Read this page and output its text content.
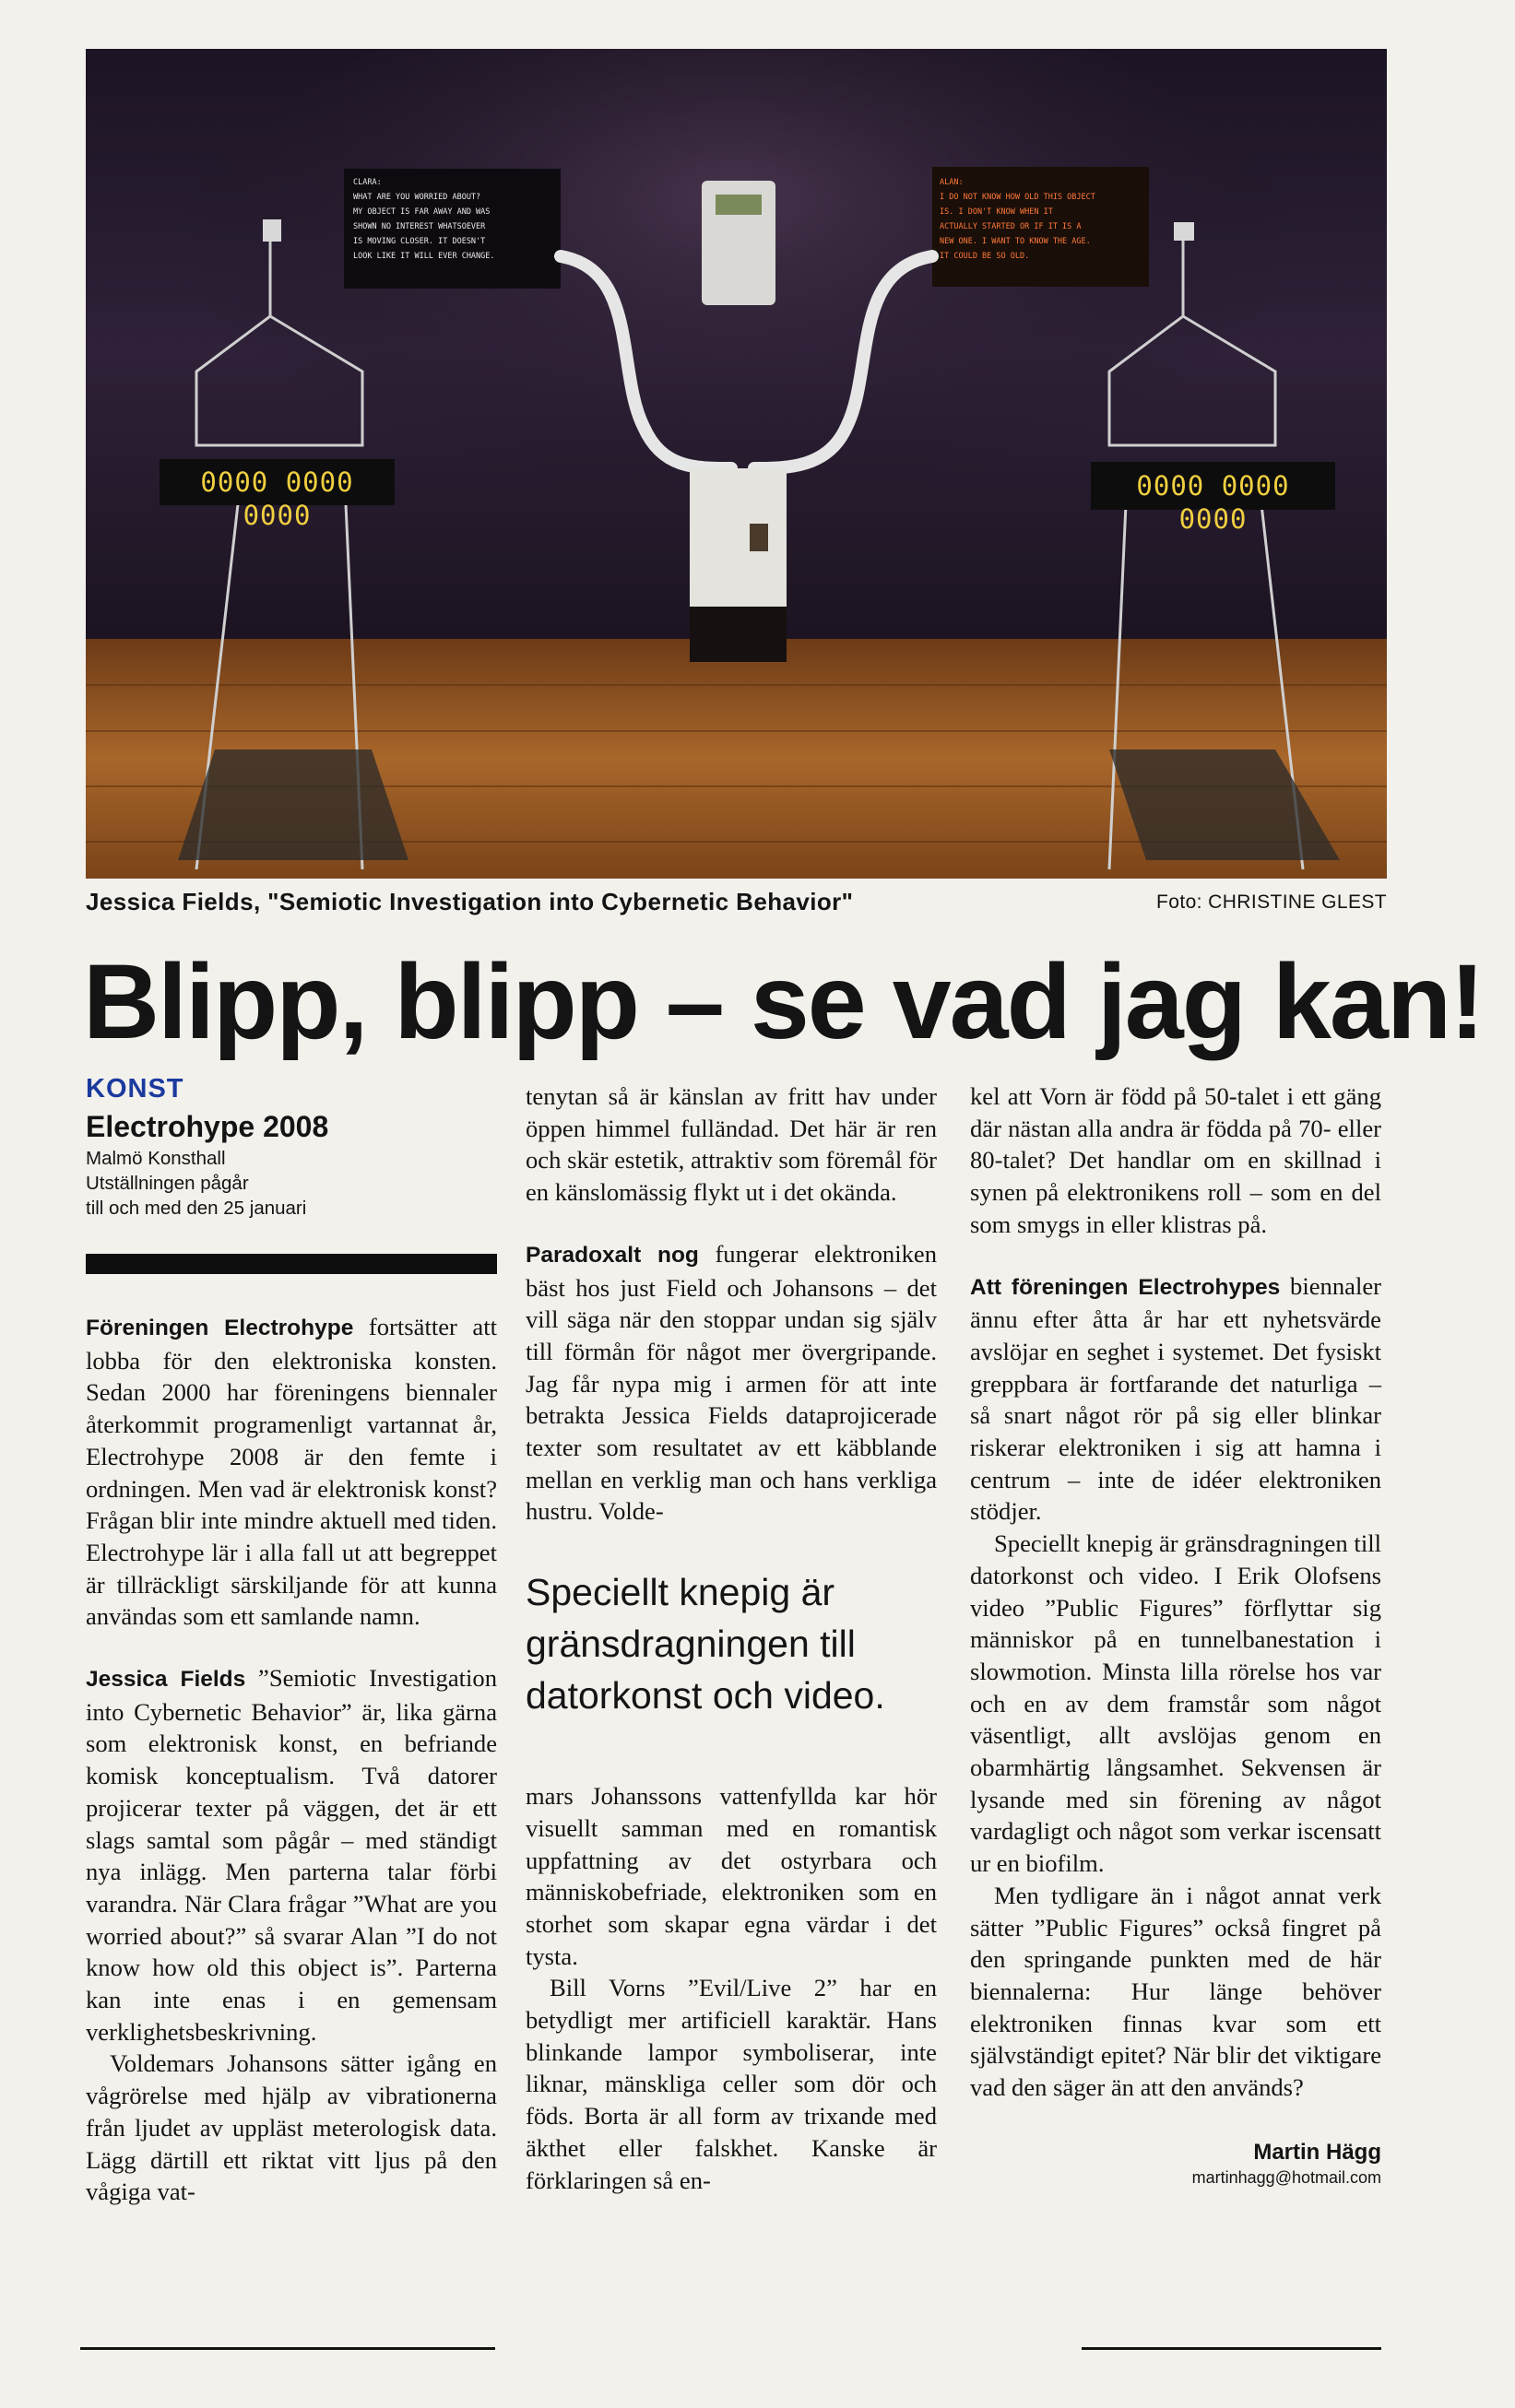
CLARA:
WHAT ARE YOU WORRIED ABOUT?
MY OBJECT IS FAR AWAY AND WAS
SHOWN NO INTEREST WHATSOEVER
IS MOVING CLOSER. IT DOESN'T
LOOK LIKE IT WILL EVER CHANGE.
ALAN:
I DO NOT KNOW HOW OLD THIS OBJECT
IS. I DON'T KNOW WHEN IT
ACTUALLY STARTED OR IF IT IS A
NEW ONE. I WANT TO KNOW THE AGE.
IT COULD BE SO OLD.
0000 0000 0000
0000 0000 0000
Jessica Fields, "Semiotic Investigation into Cybernetic Behavior"	Foto: CHRISTINE GLEST
Blipp, blipp – se vad jag kan!
KONST
Electrohype 2008
Malmö Konsthall
Utställningen pågår
till och med den 25 januari

Föreningen Electrohype fortsätter att lobba för den elektroniska konsten. Sedan 2000 har föreningens biennaler återkommit programenligt vartannat år, Electrohype 2008 är den femte i ordningen. Men vad är elektronisk konst? Frågan blir inte mindre aktuell med tiden. Electrohype lär i alla fall ut att begreppet är tillräckligt särskiljande för att kunna användas som ett samlande namn.

Jessica Fields ”Semiotic Investigation into Cybernetic Behavior” är, lika gärna som elektronisk konst, en befriande komisk konceptualism. Två datorer projicerar texter på väggen, det är ett slags samtal som pågår – med ständigt nya inlägg. Men parterna talar förbi varandra. När Clara frågar ”What are you worried about?” så svarar Alan ”I do not know how old this object is”. Parterna kan inte enas i en gemensam verklighetsbeskrivning.

Voldemars Johansons sätter igång en vågrörelse med hjälp av vibrationerna från ljudet av uppläst meterologisk data. Lägg därtill ett riktat vitt ljus på den vågiga vat-

tenytan så är känslan av fritt hav under öppen himmel fulländad. Det här är ren och skär estetik, attraktiv som föremål för en känslomässig flykt ut i det okända.

Paradoxalt nog fungerar elektroniken bäst hos just Field och Johansons – det vill säga när den stoppar undan sig själv till förmån för något mer övergripande. Jag får nypa mig i armen för att inte betrakta Jessica Fields dataprojicerade texter som resultatet av ett käbblande mellan en verklig man och hans verkliga hustru. Volde-

Speciellt knepig är gränsdragningen till datorkonst och video.

mars Johanssons vattenfyllda kar hör visuellt samman med en romantisk uppfattning av det ostyrbara och människobefriade, elektroniken som en storhet som skapar egna värdar i det tysta.

Bill Vorns ”Evil/Live 2” har en betydligt mer artificiell karaktär. Hans blinkande lampor symboliserar, inte liknar, mänskliga celler som dör och föds. Borta är all form av trixande med äkthet eller falskhet. Kanske är förklaringen så en-

kel att Vorn är född på 50-talet i ett gäng där nästan alla andra är födda på 70- eller 80-talet? Det handlar om en skillnad i synen på elektronikens roll – som en del som smygs in eller klistras på.

Att föreningen Electrohypes biennaler ännu efter åtta år har ett nyhetsvärde avslöjar en seghet i systemet. Det fysiskt greppbara är fortfarande det naturliga – så snart något rör på sig eller blinkar riskerar elektroniken i sig att hamna i centrum – inte de idéer elektroniken stödjer.

Speciellt knepig är gränsdragningen till datorkonst och video. I Erik Olofsens video ”Public Figures” förflyttar sig människor på en tunnelbanestation i slowmotion. Minsta lilla rörelse hos var och en av dem framstår som något väsentligt, allt avslöjas genom en obarmhärtig långsamhet. Sekvensen är lysande med sin förening av något vardagligt och något som verkar iscensatt ur en biofilm.

Men tydligare än i något annat verk sätter ”Public Figures” också fingret på den springande punkten med de här biennalerna: Hur länge behöver elektroniken finnas kvar som ett självständigt epitet? När blir det viktigare vad den säger än att den används?

Martin Hägg
martinhagg@hotmail.com
